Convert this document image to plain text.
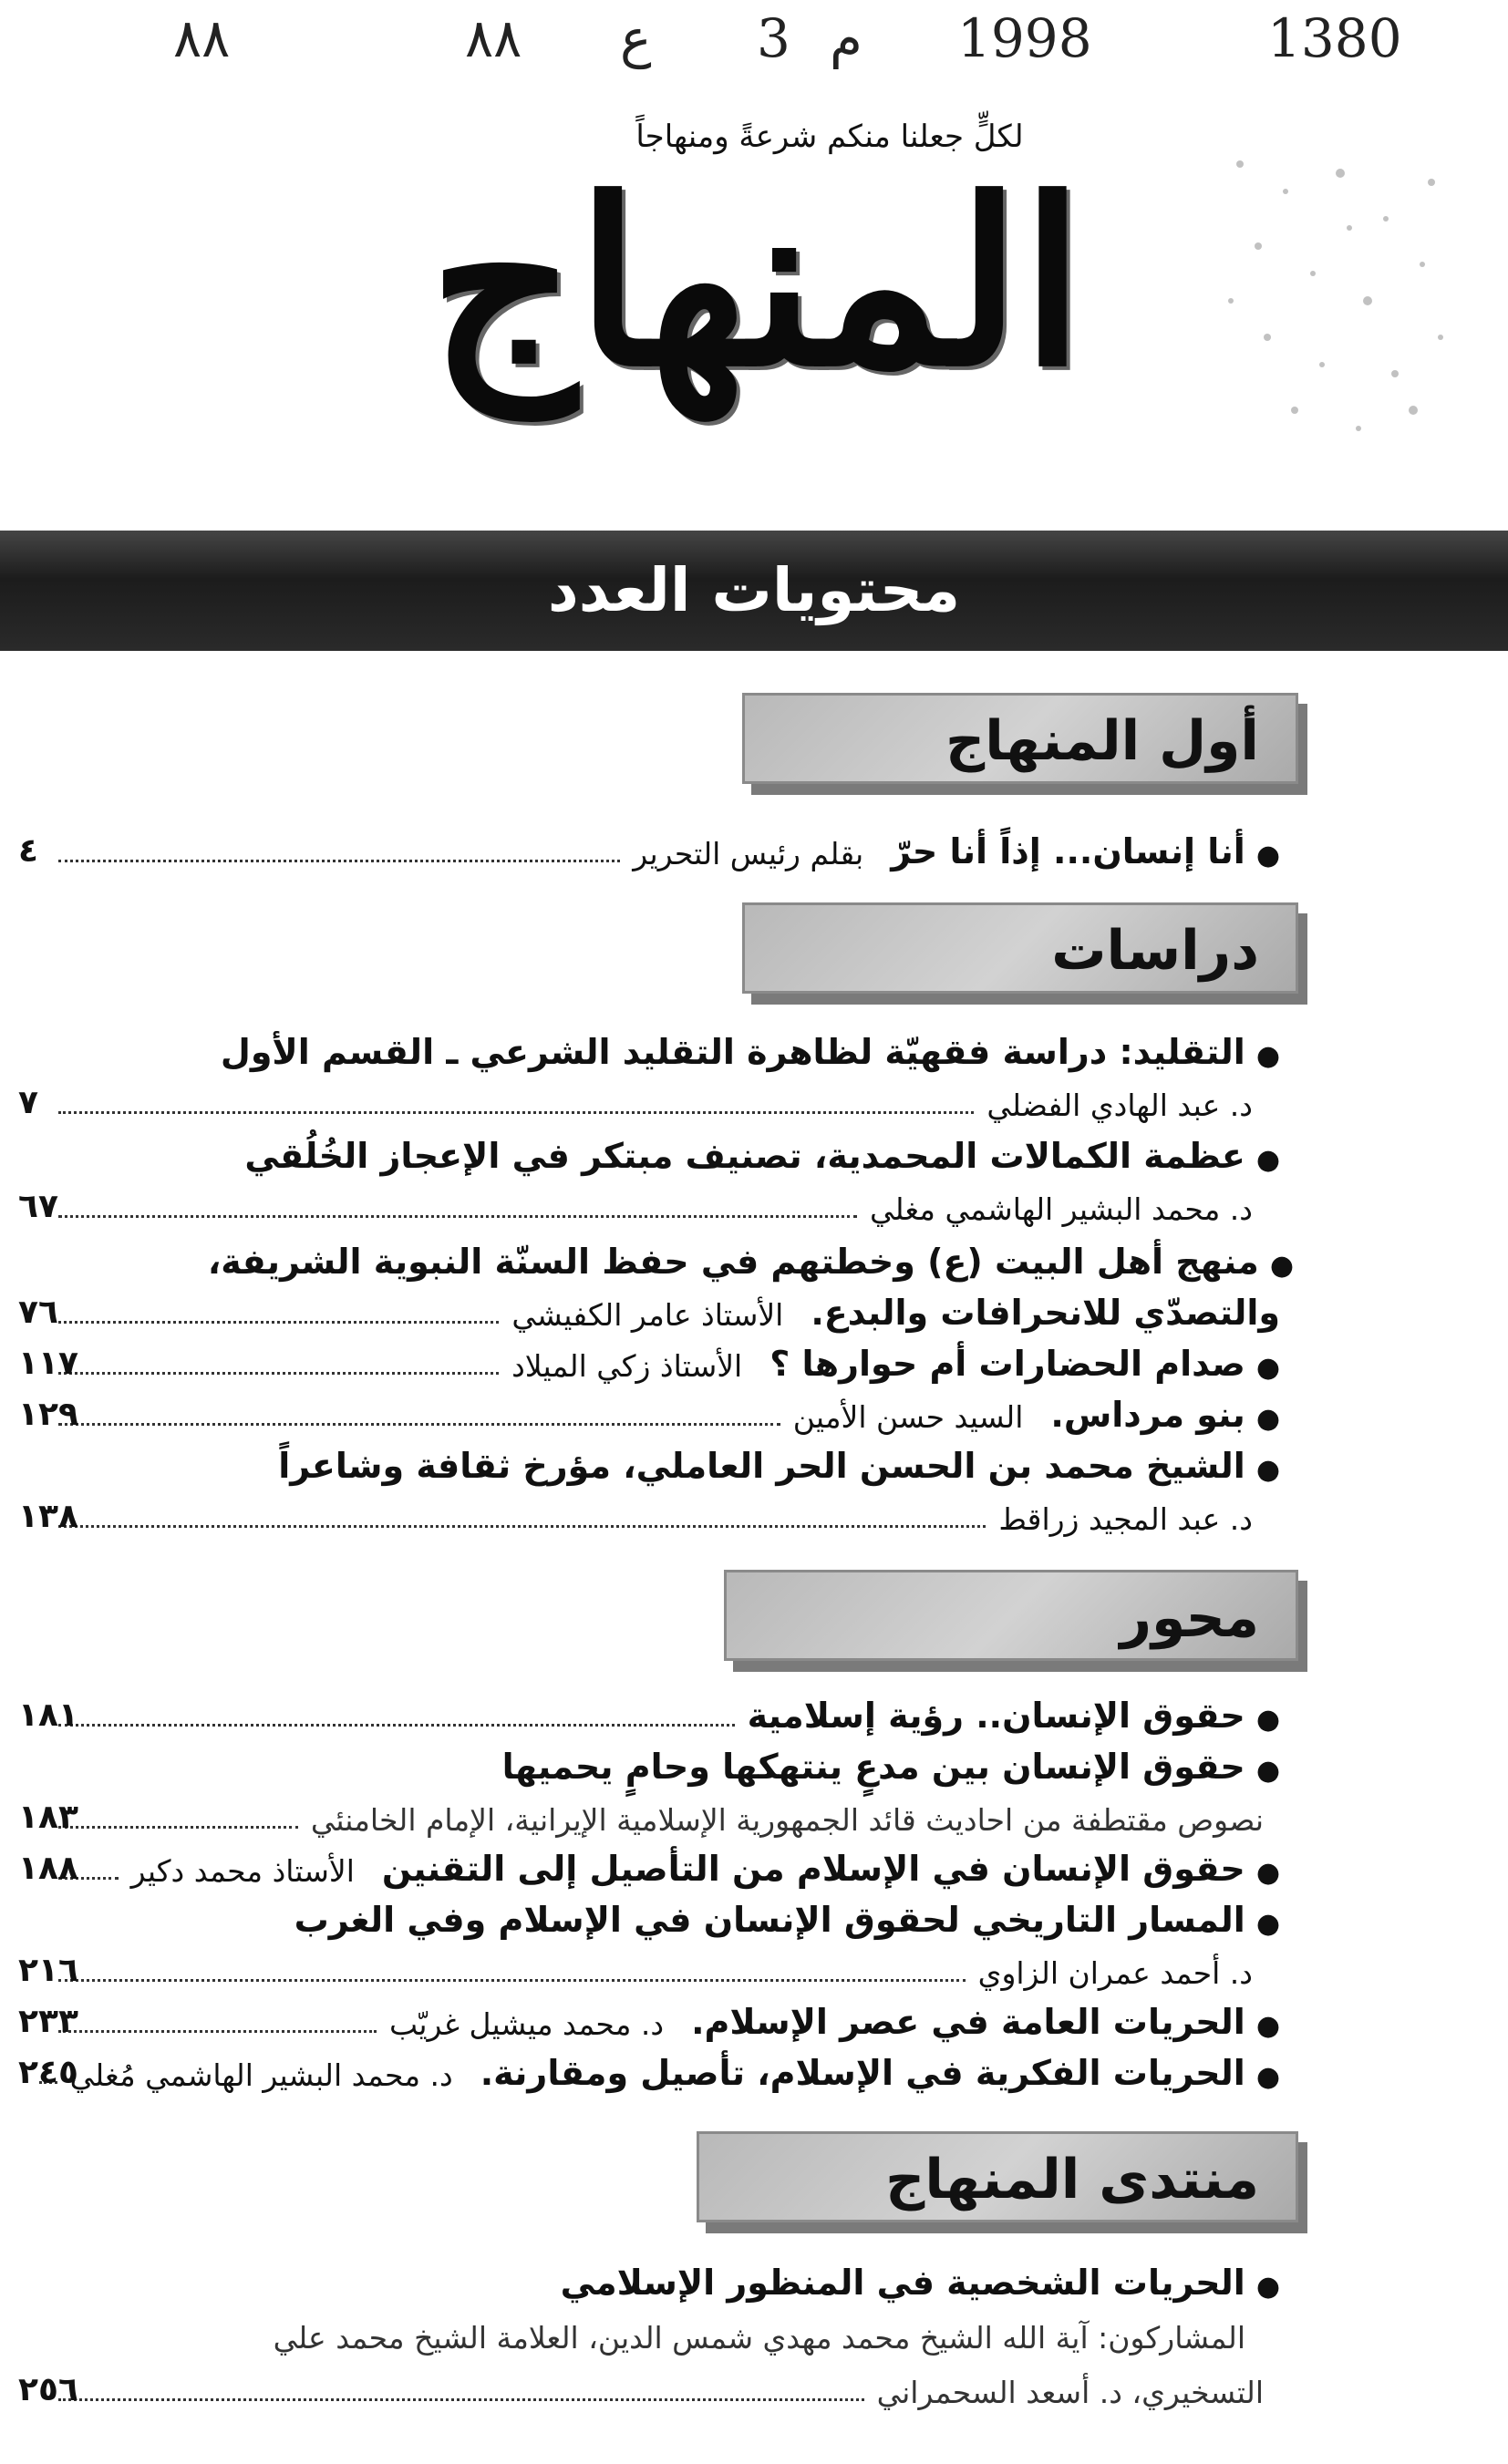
٨٨	٨٨ ع 3 م 1998	1380
لكلٍّ جعلنا منكم شرعةً ومنهاجاً
المنهاج
محتويات العدد
أول المنهاج
●
أنا إنسان... إذاً أنا حرّ
بقلم رئيس التحرير
٤
دراسات
●
التقليد: دراسة فقهيّة لظاهرة التقليد الشرعي ـ القسم الأول
د. عبد الهادي الفضلي
٧
●
عظمة الكمالات المحمدية، تصنيف مبتكر في الإعجاز الخُلُقي
د. محمد البشير الهاشمي مغلي
٦٧
●
منهج أهل البيت (ع) وخطتهم في حفظ السنّة النبوية الشريفة،
والتصدّي للانحرافات والبدع.
الأستاذ عامر الكفيشي
٧٦
●
صدام الحضارات أم حوارها ؟
الأستاذ زكي الميلاد
١١٧
●
بنو مرداس.
السيد حسن الأمين
١٢٩
●
الشيخ محمد بن الحسن الحر العاملي، مؤرخ ثقافة وشاعراً
د. عبد المجيد زراقط
١٣٨
محور
●
حقوق الإنسان.. رؤية إسلامية
١٨١
●
حقوق الإنسان بين مدعٍ ينتهكها وحامٍ يحميها
نصوص مقتطفة من احاديث قائد الجمهورية الإسلامية الإيرانية، الإمام الخامنئي
١٨٣
●
حقوق الإنسان في الإسلام من التأصيل إلى التقنين
الأستاذ محمد دكير
١٨٨
●
المسار التاريخي لحقوق الإنسان في الإسلام وفي الغرب
د. أحمد عمران الزاوي
٢١٦
●
الحريات العامة في عصر الإسلام.
د. محمد ميشيل غريّب
٢٣٣
●
الحريات الفكرية في الإسلام، تأصيل ومقارنة.
د. محمد البشير الهاشمي مُغلي
٢٤٥
منتدى المنهاج
●
الحريات الشخصية في المنظور الإسلامي
المشاركون: آية الله الشيخ محمد مهدي شمس الدين، العلامة الشيخ محمد علي
التسخيري، د. أسعد السحمراني
٢٥٦
